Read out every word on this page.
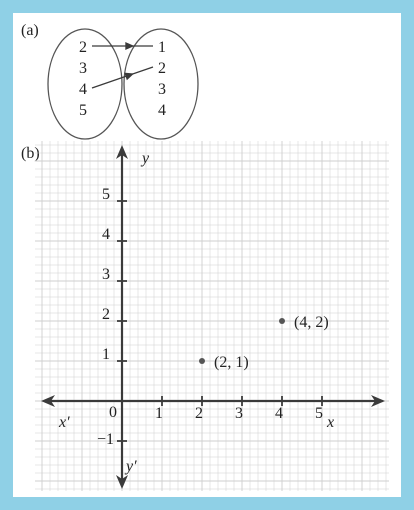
(a)
2
3
4
5
1
2
3
4
(b)	y
x
x′
y′
0 1 2 3 4 5
1
2
3
4
5
−1
(2, 1)
(4, 2)
